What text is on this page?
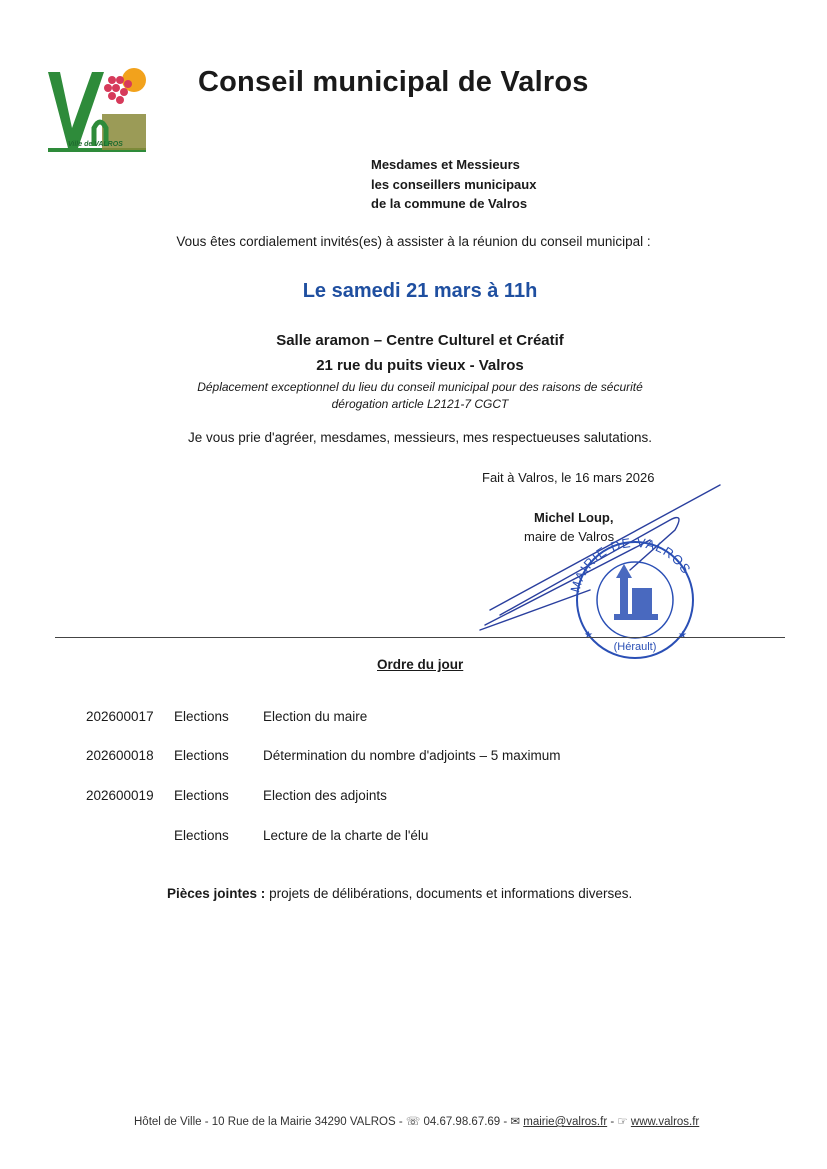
Ville de VALROS
Conseil municipal de Valros
Mesdames et Messieurs
les conseillers municipaux
de la commune de Valros
Vous êtes cordialement invités(es) à assister à la réunion du conseil municipal :
Le samedi 21 mars à 11h
Salle aramon – Centre Culturel et Créatif
21 rue du puits vieux - Valros
Déplacement exceptionnel du lieu du conseil municipal pour des raisons de sécurité
dérogation article L2121-7 CGCT
Je vous prie d'agréer, mesdames, messieurs, mes respectueuses salutations.
Fait à Valros, le 16 mars 2026
Michel Loup,
maire de Valros
MAIRIE DE VALROS
(Hérault)
★	★
Ordre du jour
202600017 Elections	Election du maire
202600018 Elections	Détermination du nombre d'adjoints – 5 maximum
202600019 Elections	Election des adjoints
Elections	Lecture de la charte de l'élu
Pièces jointes : projets de délibérations, documents et informations diverses.
Hôtel de Ville - 10 Rue de la Mairie 34290 VALROS - ☏ 04.67.98.67.69 - ✉ mairie@valros.fr - ☞ www.valros.fr
